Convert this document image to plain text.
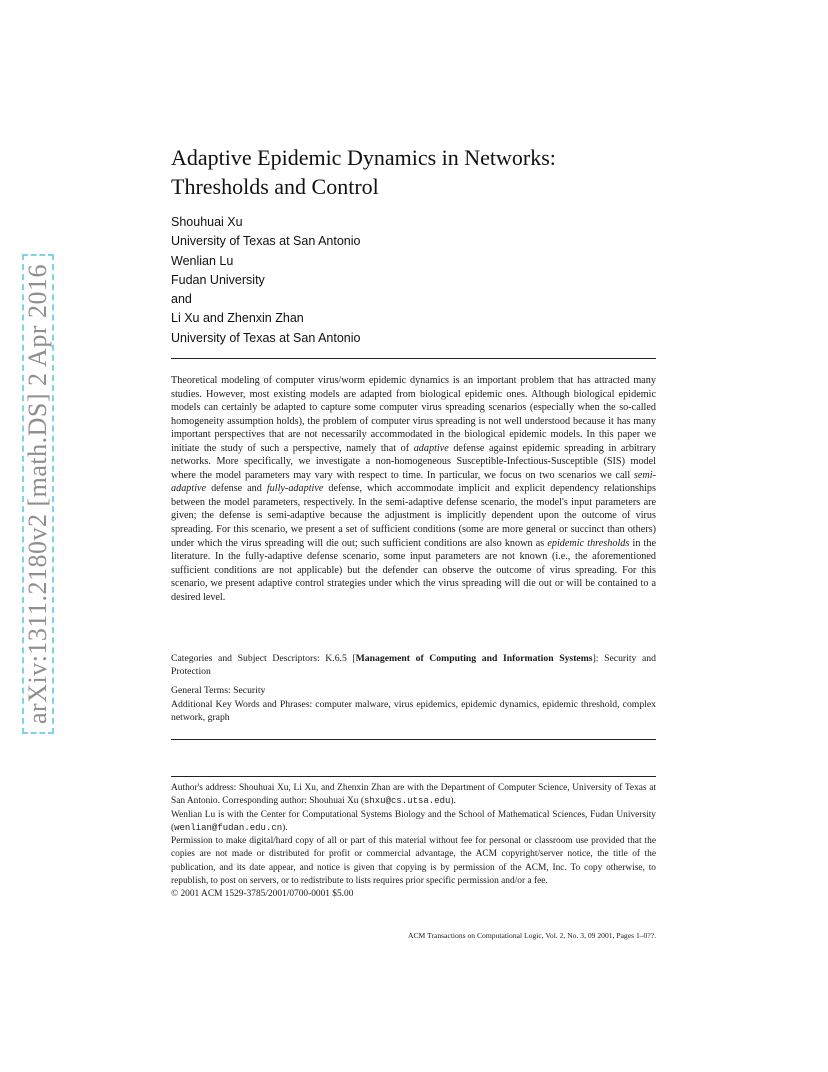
arXiv:1311.2180v2 [math.DS] 2 Apr 2016
Adaptive Epidemic Dynamics in Networks:
Thresholds and Control
Shouhuai Xu
University of Texas at San Antonio
Wenlian Lu
Fudan University
and
Li Xu and Zhenxin Zhan
University of Texas at San Antonio
Theoretical modeling of computer virus/worm epidemic dynamics is an important problem that has attracted many studies. However, most existing models are adapted from biological epidemic ones. Although biological epidemic models can certainly be adapted to capture some computer virus spreading scenarios (especially when the so-called homogeneity assumption holds), the problem of computer virus spreading is not well understood because it has many important perspectives that are not necessarily accommodated in the biological epidemic models. In this paper we initiate the study of such a perspective, namely that of adaptive defense against epidemic spreading in arbitrary networks. More specifically, we investigate a non-homogeneous Susceptible-Infectious-Susceptible (SIS) model where the model parameters may vary with respect to time. In particular, we focus on two scenarios we call semi-adaptive defense and fully-adaptive defense, which accommodate implicit and explicit dependency relationships between the model parameters, respectively. In the semi-adaptive defense scenario, the model's input parameters are given; the defense is semi-adaptive because the adjustment is implicitly dependent upon the outcome of virus spreading. For this scenario, we present a set of sufficient conditions (some are more general or succinct than others) under which the virus spreading will die out; such sufficient conditions are also known as epidemic thresholds in the literature. In the fully-adaptive defense scenario, some input parameters are not known (i.e., the aforementioned sufficient conditions are not applicable) but the defender can observe the outcome of virus spreading. For this scenario, we present adaptive control strategies under which the virus spreading will die out or will be contained to a desired level.
Categories and Subject Descriptors: K.6.5 [Management of Computing and Information Systems]: Security and Protection
General Terms: Security
Additional Key Words and Phrases: computer malware, virus epidemics, epidemic dynamics, epidemic threshold, complex network, graph

Author's address: Shouhuai Xu, Li Xu, and Zhenxin Zhan are with the Department of Computer Science, University of Texas at San Antonio. Corresponding author: Shouhuai Xu (shxu@cs.utsa.edu).

Wenlian Lu is with the Center for Computational Systems Biology and the School of Mathematical Sciences, Fudan University (wenlian@fudan.edu.cn).

Permission to make digital/hard copy of all or part of this material without fee for personal or classroom use provided that the copies are not made or distributed for profit or commercial advantage, the ACM copyright/server notice, the title of the publication, and its date appear, and notice is given that copying is by permission of the ACM, Inc. To copy otherwise, to republish, to post on servers, or to redistribute to lists requires prior specific permission and/or a fee.

© 2001 ACM 1529-3785/2001/0700-0001 $5.00

ACM Transactions on Computational Logic, Vol. 2, No. 3, 09 2001, Pages 1–0??.
